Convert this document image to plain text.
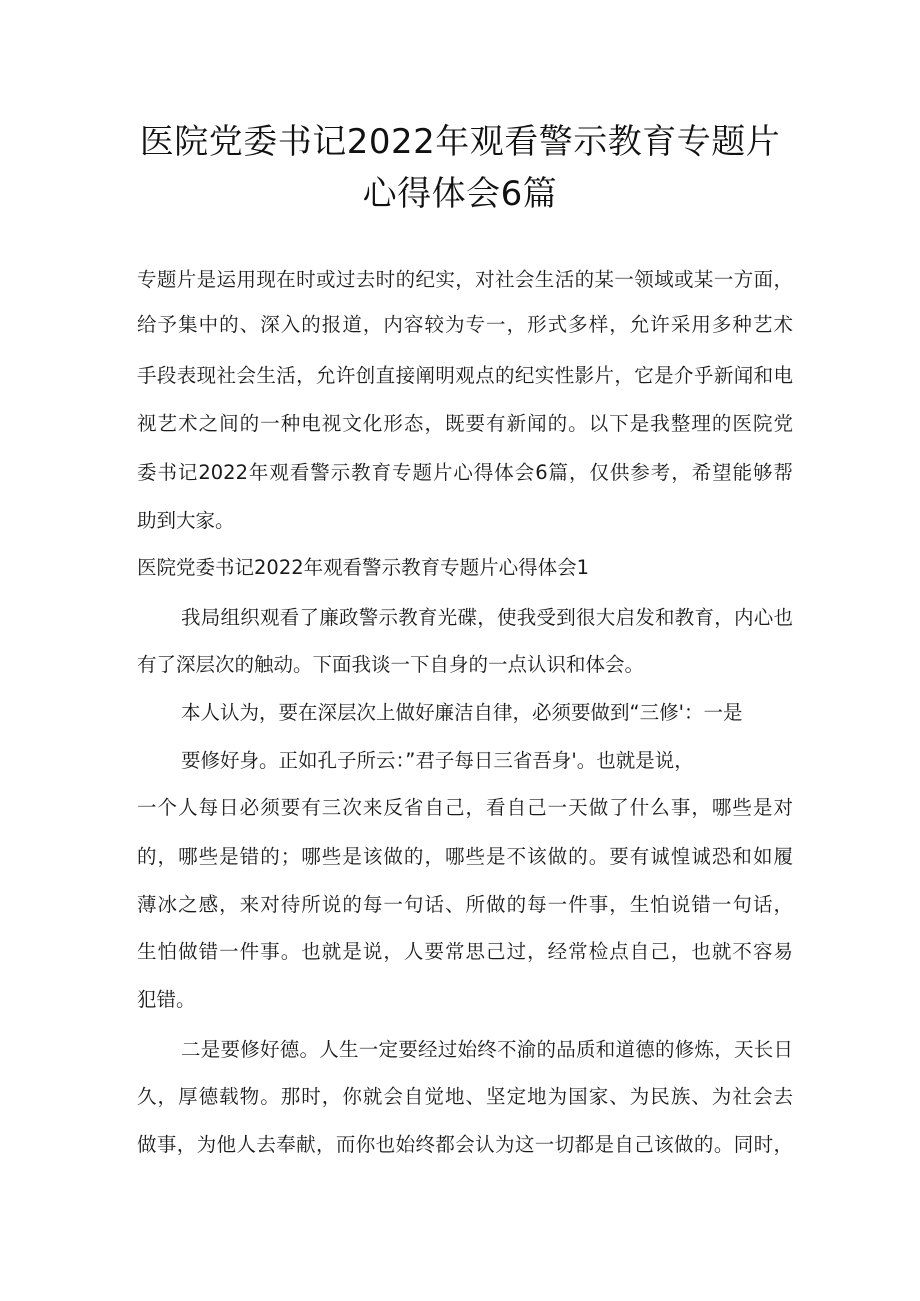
医院党委书记2022年观看警示教育专题片
心得体会6篇
专题片是运用现在时或过去时的纪实，对社会生活的某一领域或某一方面，
给予集中的、深入的报道，内容较为专一，形式多样，允许采用多种艺术
手段表现社会生活，允许创直接阐明观点的纪实性影片，它是介乎新闻和电
视艺术之间的一种电视文化形态，既要有新闻的。以下是我整理的医院党
委书记2022年观看警示教育专题片心得体会6篇，仅供参考，希望能够帮
助到大家。
医院党委书记2022年观看警示教育专题片心得体会1
我局组织观看了廉政警示教育光碟，使我受到很大启发和教育，内心也
有了深层次的触动。下面我谈一下自身的一点认识和体会。
本人认为，要在深层次上做好廉洁自律，必须要做到“三修'：一是
要修好身。正如孔子所云：”君子每日三省吾身'。也就是说，
一个人每日必须要有三次来反省自己，看自己一天做了什么事，哪些是对
的，哪些是错的；哪些是该做的，哪些是不该做的。要有诚惶诚恐和如履
薄冰之感，来对待所说的每一句话、所做的每一件事，生怕说错一句话，
生怕做错一件事。也就是说，人要常思己过，经常检点自己，也就不容易
犯错。
二是要修好德。人生一定要经过始终不渝的品质和道德的修炼，天长日
久，厚德载物。那时，你就会自觉地、坚定地为国家、为民族、为社会去
做事，为他人去奉献，而你也始终都会认为这一切都是自己该做的。同时，
